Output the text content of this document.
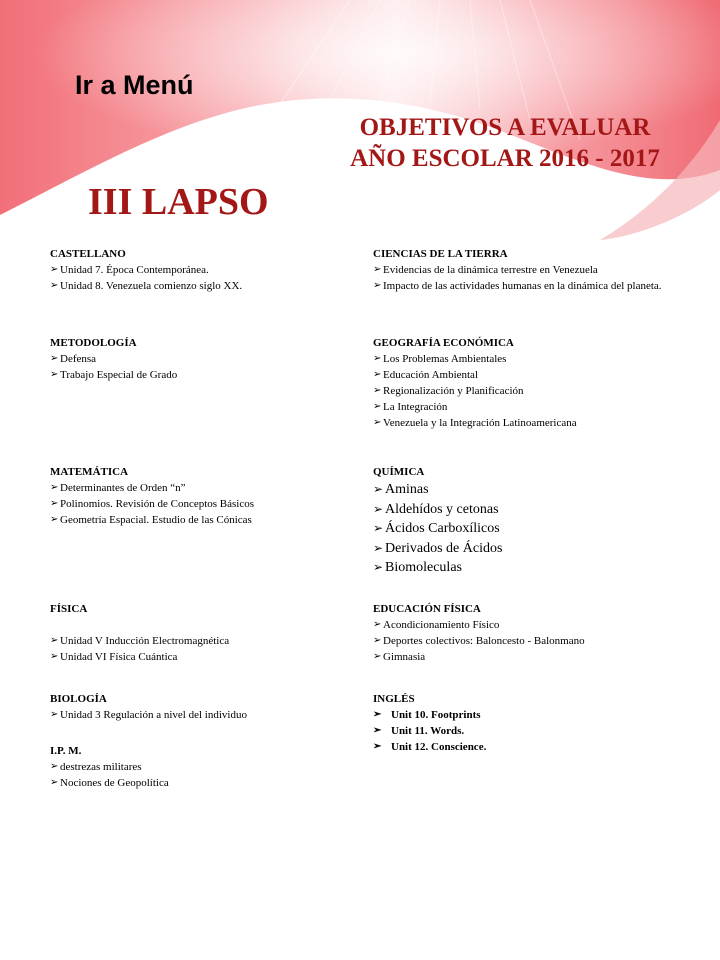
Ir a Menú
OBJETIVOS A EVALUAR
AÑO ESCOLAR 2016 - 2017
III LAPSO
CASTELLANO
➢ Unidad 7. Época Contemporánea.
➢ Unidad 8. Venezuela comienzo siglo XX.
METODOLOGÍA
➢ Defensa
➢ Trabajo Especial de Grado
MATEMÁTICA
➢ Determinantes de Orden “n”
➢ Polinomios. Revisión de Conceptos Básicos
➢ Geometría Espacial. Estudio de las Cónicas
FÍSICA
➢ Unidad V Inducción Electromagnética
➢ Unidad VI Física Cuántica
BIOLOGÍA
➢ Unidad 3 Regulación a nivel del individuo
I.P. M.
➢ destrezas militares
➢ Nociones de Geopolítica
CIENCIAS DE LA TIERRA
➢ Evidencias de la dinámica terrestre en Venezuela
➢ Impacto de las actividades humanas en la dinámica del planeta.
GEOGRAFÍA ECONÓMICA
➢ Los Problemas Ambientales
➢ Educación Ambiental
➢ Regionalización y Planificación
➢ La Integración
➢ Venezuela y la Integración Latinoamericana
QUÍMICA
➢ Aminas
➢ Aldehídos y cetonas
➢ Ácidos Carboxílicos
➢ Derivados de Ácidos
➢ Biomoleculas
EDUCACIÓN FÍSICA
➢ Acondicionamiento Físico
➢ Deportes colectivos: Baloncesto - Balonmano
➢ Gimnasia
INGLÉS
➢ Unit 10. Footprints
➢ Unit 11. Words.
➢ Unit 12. Conscience.
